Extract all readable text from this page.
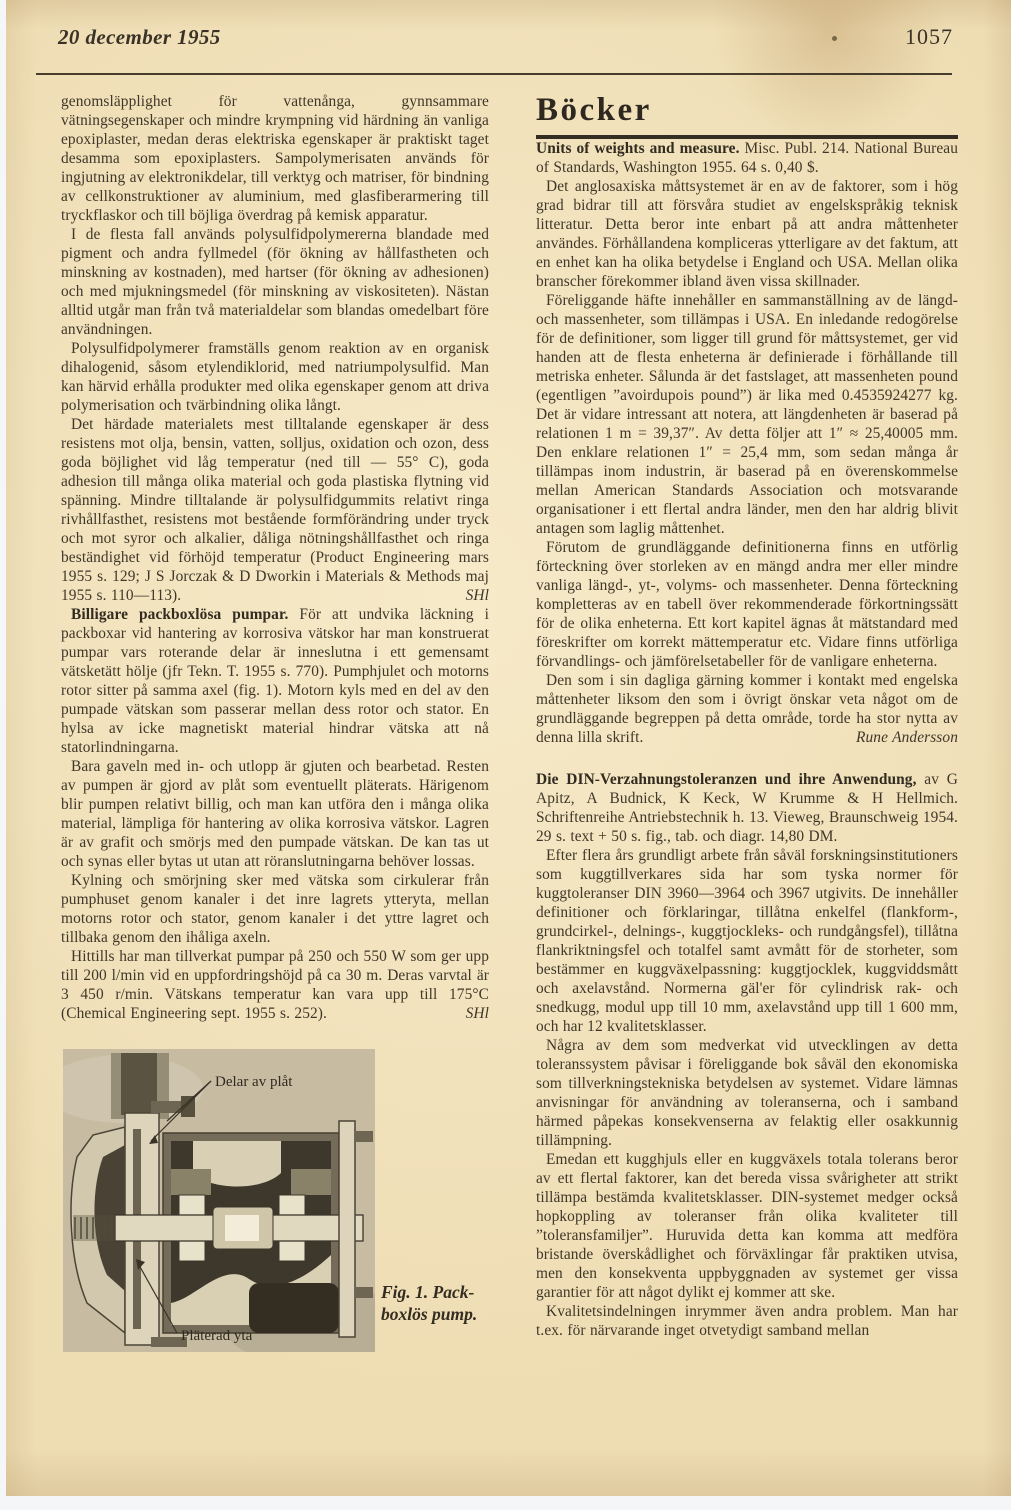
20 december 1955	1057

genomsläpplighet för vattenånga, gynnsammare vätningsegenskaper och mindre krympning vid härdning än vanliga epoxiplaster, medan deras elektriska egenskaper är praktiskt taget desamma som epoxiplasters. Sampolymerisaten används för ingjutning av elektronikdelar, till verktyg och matriser, för bindning av cellkonstruktioner av aluminium, med glasfiberarmering till tryckflaskor och till böjliga överdrag på kemisk apparatur.

I de flesta fall används polysulfidpolymererna blandade med pigment och andra fyllmedel (för ökning av hållfastheten och minskning av kostnaden), med hartser (för ökning av adhesionen) och med mjukningsmedel (för minskning av viskositeten). Nästan alltid utgår man från två materialdelar som blandas omedelbart före användningen.

Polysulfidpolymerer framställs genom reaktion av en organisk dihalogenid, såsom etylendiklorid, med natriumpolysulfid. Man kan härvid erhålla produkter med olika egenskaper genom att driva polymerisation och tvärbindning olika långt.

Det härdade materialets mest tilltalande egenskaper är dess resistens mot olja, bensin, vatten, solljus, oxidation och ozon, dess goda böjlighet vid låg temperatur (ned till — 55° C), goda adhesion till många olika material och goda plastiska flytning vid spänning. Mindre tilltalande är polysulfidgummits relativt ringa rivhållfasthet, resistens mot bestående formförändring under tryck och mot syror och alkalier, dåliga nötningshållfasthet och ringa beständighet vid förhöjd temperatur (Product Engineering mars 1955 s. 129; J S Jorczak & D Dworkin i Materials & Methods maj 1955 s. 110—113).	SHl

Billigare packboxlösa pumpar. För att undvika läckning i packboxar vid hantering av korrosiva vätskor har man konstruerat pumpar vars roterande delar är inneslutna i ett gemensamt vätsketätt hölje (jfr Tekn. T. 1955 s. 770). Pumphjulet och motorns rotor sitter på samma axel (fig. 1). Motorn kyls med en del av den pumpade vätskan som passerar mellan dess rotor och stator. En hylsa av icke magnetiskt material hindrar vätska att nå statorlindningarna.

Bara gaveln med in- och utlopp är gjuten och bearbetad. Resten av pumpen är gjord av plåt som eventuellt pläterats. Härigenom blir pumpen relativt billig, och man kan utföra den i många olika material, lämpliga för hantering av olika korrosiva vätskor. Lagren är av grafit och smörjs med den pumpade vätskan. De kan tas ut och synas eller bytas ut utan att röranslutningarna behöver lossas.

Kylning och smörjning sker med vätska som cirkulerar från pumphuset genom kanaler i det inre lagrets ytteryta, mellan motorns rotor och stator, genom kanaler i det yttre lagret och tillbaka genom den ihåliga axeln.

Hittills har man tillverkat pumpar på 250 och 550 W som ger upp till 200 l/min vid en uppfordringshöjd på ca 30 m. Deras varvtal är 3 450 r/min. Vätskans temperatur kan vara upp till 175°C (Chemical Engineering sept. 1955 s. 252).	SHl

Delar av plåt
Pläterad yta
Fig. 1. Pack-
boxlös pump.
Böcker

Units of weights and measure. Misc. Publ. 214. National Bureau of Standards, Washington 1955. 64 s. 0,40 $.

Det anglosaxiska måttsystemet är en av de faktorer, som i hög grad bidrar till att försvåra studiet av engelskspråkig teknisk litteratur. Detta beror inte enbart på att andra måttenheter användes. Förhållandena kompliceras ytterligare av det faktum, att en enhet kan ha olika betydelse i England och USA. Mellan olika branscher förekommer ibland även vissa skillnader.

Föreliggande häfte innehåller en sammanställning av de längd- och massenheter, som tillämpas i USA. En inledande redogörelse för de definitioner, som ligger till grund för måttsystemet, ger vid handen att de flesta enheterna är definierade i förhållande till metriska enheter. Sålunda är det fastslaget, att massenheten pound (egentligen ”avoirdupois pound”) är lika med 0.4535924277 kg. Det är vidare intressant att notera, att längdenheten är baserad på relationen 1 m = 39,37″. Av detta följer att 1″ ≈ 25,40005 mm. Den enklare relationen 1″ = 25,4 mm, som sedan många år tillämpas inom industrin, är baserad på en överenskommelse mellan American Standards Association och motsvarande organisationer i ett flertal andra länder, men den har aldrig blivit antagen som laglig måttenhet.

Förutom de grundläggande definitionerna finns en utförlig förteckning över storleken av en mängd andra mer eller mindre vanliga längd-, yt-, volyms- och massenheter. Denna förteckning kompletteras av en tabell över rekommenderade förkortningssätt för de olika enheterna. Ett kort kapitel ägnas åt mätstandard med föreskrifter om korrekt mättemperatur etc. Vidare finns utförliga förvandlings- och jämförelsetabeller för de vanligare enheterna.

Den som i sin dagliga gärning kommer i kontakt med engelska måttenheter liksom den som i övrigt önskar veta något om de grundläggande begreppen på detta område, torde ha stor nytta av denna lilla skrift.	Rune Andersson

Die DIN-Verzahnungstoleranzen und ihre Anwendung, av G Apitz, A Budnick, K Keck, W Krumme & H Hellmich. Schriftenreihe Antriebstechnik h. 13. Vieweg, Braunschweig 1954. 29 s. text + 50 s. fig., tab. och diagr. 14,80 DM.

Efter flera års grundligt arbete från såväl forskningsinstitutioners som kuggtillverkares sida har som tyska normer för kuggtoleranser DIN 3960—3964 och 3967 utgivits. De innehåller definitioner och förklaringar, tillåtna enkelfel (flankform-, grundcirkel-, delnings-, kuggtjockleks- och rundgångsfel), tillåtna flankriktningsfel och totalfel samt avmått för de storheter, som bestämmer en kuggväxelpassning: kuggtjocklek, kuggviddsmått och axelavstånd. Normerna gäl'er för cylindrisk rak- och snedkugg, modul upp till 10 mm, axelavstånd upp till 1 600 mm, och har 12 kvalitetsklasser.

Några av dem som medverkat vid utvecklingen av detta toleranssystem påvisar i föreliggande bok såväl den ekonomiska som tillverkningstekniska betydelsen av systemet. Vidare lämnas anvisningar för användning av toleranserna, och i samband härmed påpekas konsekvenserna av felaktig eller osakkunnig tillämpning.

Emedan ett kugghjuls eller en kuggväxels totala tolerans beror av ett flertal faktorer, kan det bereda vissa svårigheter att strikt tillämpa bestämda kvalitetsklasser. DIN-systemet medger också hopkoppling av toleranser från olika kvaliteter till ”toleransfamiljer”. Huruvida detta kan komma att medföra bristande överskådlighet och förväxlingar får praktiken utvisa, men den konsekventa uppbyggnaden av systemet ger vissa garantier för att något dylikt ej kommer att ske.

Kvalitetsindelningen inrymmer även andra problem. Man har t.ex. för närvarande inget otvetydigt samband mellan
